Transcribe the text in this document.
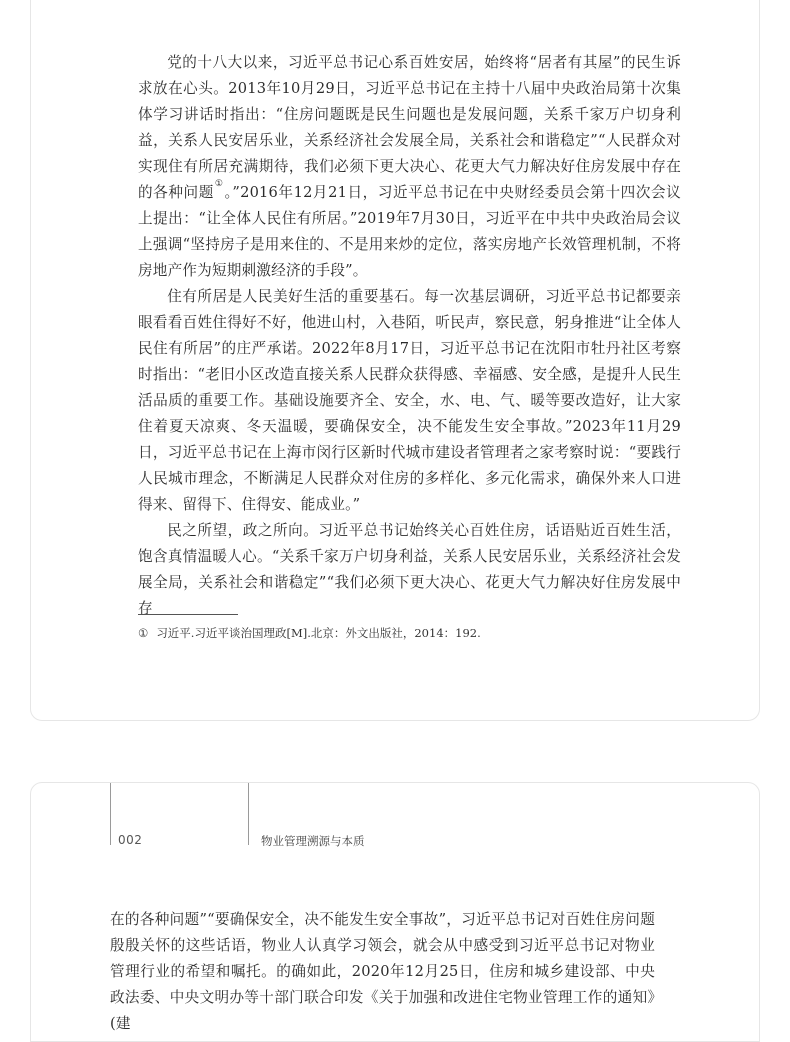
党的十八大以来，习近平总书记心系百姓安居，始终将“居者有其屋”的民生诉求放在心头。2013年10月29日，习近平总书记在主持十八届中央政治局第十次集体学习讲话时指出：“住房问题既是民生问题也是发展问题，关系千家万户切身利益，关系人民安居乐业，关系经济社会发展全局，关系社会和谐稳定”“人民群众对实现住有所居充满期待，我们必须下更大决心、花更大气力解决好住房发展中存在的各种问题①。”2016年12月21日，习近平总书记在中央财经委员会第十四次会议上提出：“让全体人民住有所居。”2019年7月30日，习近平在中共中央政治局会议上强调“坚持房子是用来住的、不是用来炒的定位，落实房地产长效管理机制，不将房地产作为短期刺激经济的手段”。

住有所居是人民美好生活的重要基石。每一次基层调研，习近平总书记都要亲眼看看百姓住得好不好，他进山村，入巷陌，听民声，察民意，躬身推进“让全体人民住有所居”的庄严承诺。2022年8月17日，习近平总书记在沈阳市牡丹社区考察时指出：“老旧小区改造直接关系人民群众获得感、幸福感、安全感，是提升人民生活品质的重要工作。基础设施要齐全、安全，水、电、气、暖等要改造好，让大家住着夏天凉爽、冬天温暖，要确保安全，决不能发生安全事故。”2023年11月29日，习近平总书记在上海市闵行区新时代城市建设者管理者之家考察时说：“要践行人民城市理念，不断满足人民群众对住房的多样化、多元化需求，确保外来人口进得来、留得下、住得安、能成业。”

民之所望，政之所向。习近平总书记始终关心百姓住房，话语贴近百姓生活，饱含真情温暖人心。“关系千家万户切身利益，关系人民安居乐业，关系经济社会发展全局，关系社会和谐稳定”“我们必须下更大决心、花更大气力解决好住房发展中存

① 习近平.习近平谈治国理政[M].北京：外文出版社，2014：192.
002	物业管理溯源与本质

在的各种问题”“要确保安全，决不能发生安全事故”，习近平总书记对百姓住房问题殷殷关怀的这些话语，物业人认真学习领会，就会从中感受到习近平总书记对物业管理行业的希望和嘱托。的确如此，2020年12月25日，住房和城乡建设部、中央政法委、中央文明办等十部门联合印发《关于加强和改进住宅物业管理工作的通知》(建
